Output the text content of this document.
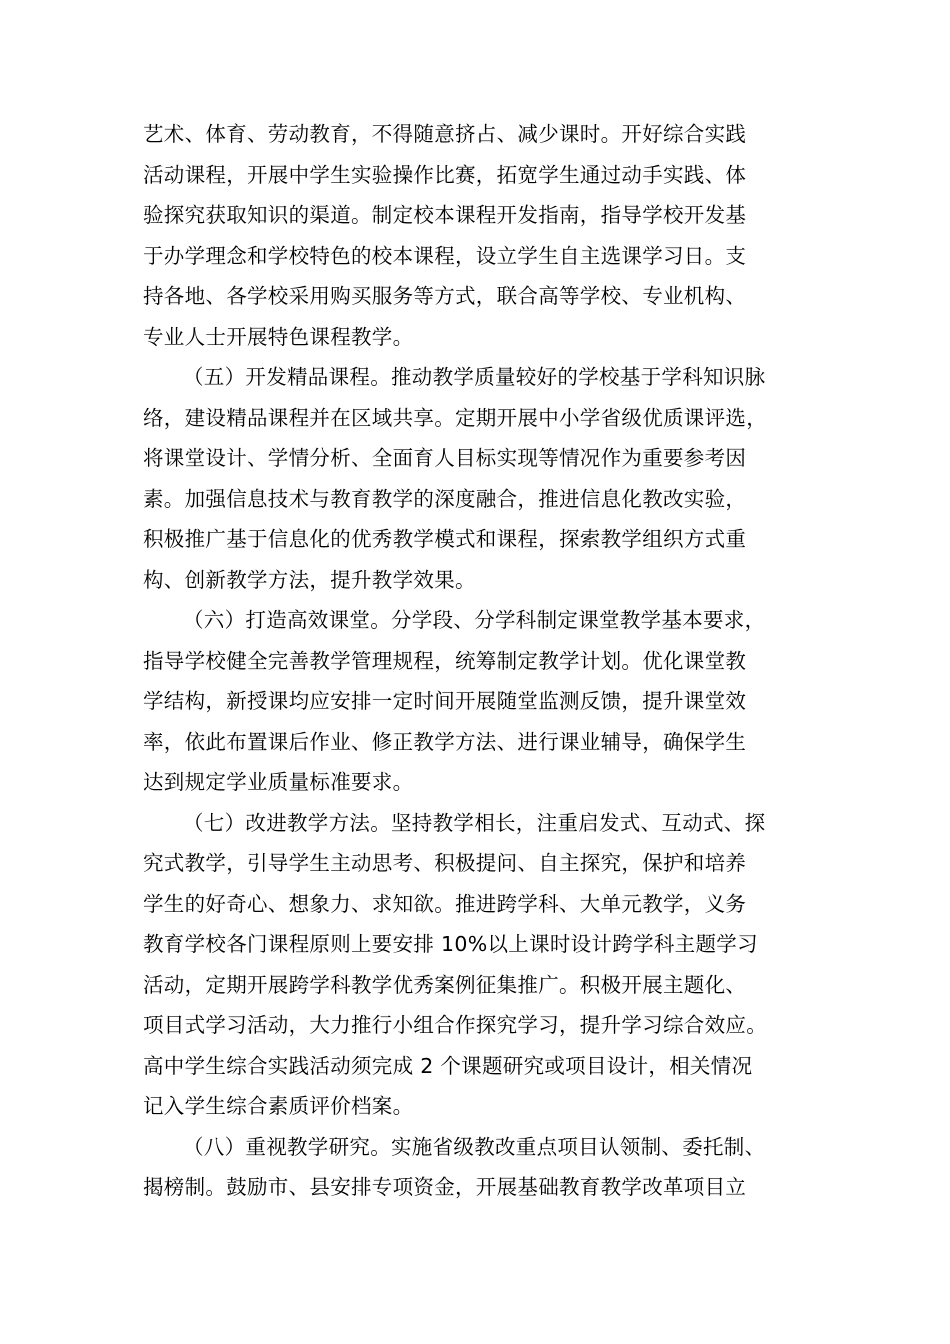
艺术、体育、劳动教育，不得随意挤占、减少课时。开好综合实践
活动课程，开展中学生实验操作比赛，拓宽学生通过动手实践、体
验探究获取知识的渠道。制定校本课程开发指南，指导学校开发基
于办学理念和学校特色的校本课程，设立学生自主选课学习日。支
持各地、各学校采用购买服务等方式，联合高等学校、专业机构、
专业人士开展特色课程教学。
（五）开发精品课程。推动教学质量较好的学校基于学科知识脉
络，建设精品课程并在区域共享。定期开展中小学省级优质课评选，
将课堂设计、学情分析、全面育人目标实现等情况作为重要参考因
素。加强信息技术与教育教学的深度融合，推进信息化教改实验，
积极推广基于信息化的优秀教学模式和课程，探索教学组织方式重
构、创新教学方法，提升教学效果。
（六）打造高效课堂。分学段、分学科制定课堂教学基本要求，
指导学校健全完善教学管理规程，统筹制定教学计划。优化课堂教
学结构，新授课均应安排一定时间开展随堂监测反馈，提升课堂效
率，依此布置课后作业、修正教学方法、进行课业辅导，确保学生
达到规定学业质量标准要求。
（七）改进教学方法。坚持教学相长，注重启发式、互动式、探
究式教学，引导学生主动思考、积极提问、自主探究，保护和培养
学生的好奇心、想象力、求知欲。推进跨学科、大单元教学，义务
教育学校各门课程原则上要安排 10%以上课时设计跨学科主题学习
活动，定期开展跨学科教学优秀案例征集推广。积极开展主题化、
项目式学习活动，大力推行小组合作探究学习，提升学习综合效应。
高中学生综合实践活动须完成 2 个课题研究或项目设计，相关情况
记入学生综合素质评价档案。
（八）重视教学研究。实施省级教改重点项目认领制、委托制、
揭榜制。鼓励市、县安排专项资金，开展基础教育教学改革项目立
